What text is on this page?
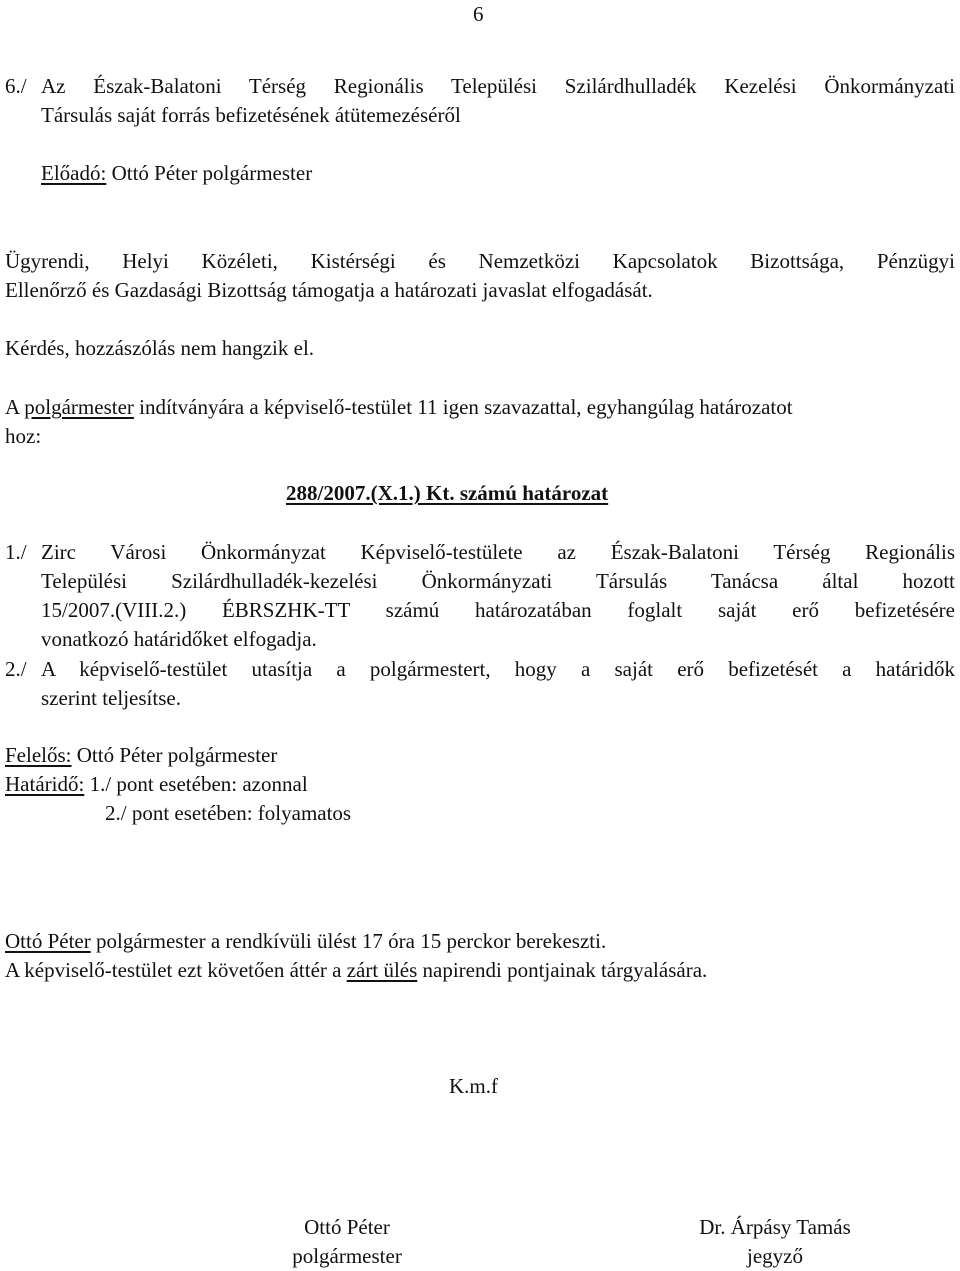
6
6./ Az Észak-Balatoni Térség Regionális Települési Szilárdhulladék Kezelési Önkormányzati
Társulás saját forrás befizetésének átütemezéséről
Előadó: Ottó Péter polgármester
Ügyrendi, Helyi Közéleti, Kistérségi és Nemzetközi Kapcsolatok Bizottsága, Pénzügyi
Ellenőrző és Gazdasági Bizottság támogatja a határozati javaslat elfogadását.
Kérdés, hozzászólás nem hangzik el.
A polgármester indítványára a képviselő-testület 11 igen szavazattal, egyhangúlag határozatot
hoz:
288/2007.(X.1.) Kt. számú határozat
1./ Zirc Városi Önkormányzat Képviselő-testülete az Észak-Balatoni Térség Regionális
Települési Szilárdhulladék-kezelési Önkormányzati Társulás Tanácsa által hozott
15/2007.(VIII.2.) ÉBRSZHK-TT számú határozatában foglalt saját erő befizetésére
vonatkozó határidőket elfogadja.
2./ A képviselő-testület utasítja a polgármestert, hogy a saját erő befizetését a határidők
szerint teljesítse.
Felelős: Ottó Péter polgármester
Határidő: 1./ pont esetében: azonnal
2./ pont esetében: folyamatos
Ottó Péter polgármester a rendkívüli ülést 17 óra 15 perckor berekeszti.
A képviselő-testület ezt követően áttér a zárt ülés napirendi pontjainak tárgyalására.
K.m.f
Ottó Péter
polgármester
Dr. Árpásy Tamás
jegyző
